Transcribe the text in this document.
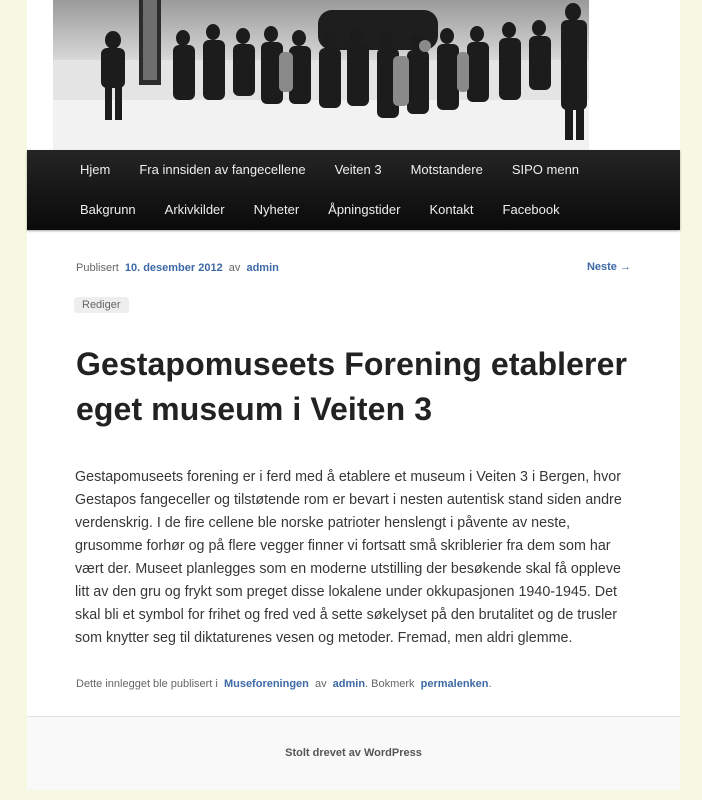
Hjem	Fra innsiden av fangecellene	Veiten 3	Motstandere	SIPO menn
Bakgrunn	Arkivkilder	Nyheter	Åpningstider	Kontakt	Facebook
Publisert 10. desember 2012 av admin	Neste →
Rediger
Gestapomuseets Forening etablerer eget museum i Veiten 3
Gestapomuseets forening er i ferd med å etablere et museum i Veiten 3 i Bergen, hvor Gestapos fangeceller og tilstøtende rom er bevart i nesten autentisk stand siden andre verdenskrig. I de fire cellene ble norske patrioter henslengt i påvente av neste, grusomme forhør og på flere vegger finner vi fortsatt små skriblerier fra dem som har vært der. Museet planlegges som en moderne utstilling der besøkende skal få oppleve litt av den gru og frykt som preget disse lokalene under okkupasjonen 1940-1945. Det skal bli et symbol for frihet og fred ved å sette søkelyset på den brutalitet og de trusler som knytter seg til diktaturenes vesen og metoder. Fremad, men aldri glemme.
Dette innlegget ble publisert i Museforeningen av admin. Bokmerk permalenken.
Stolt drevet av WordPress
